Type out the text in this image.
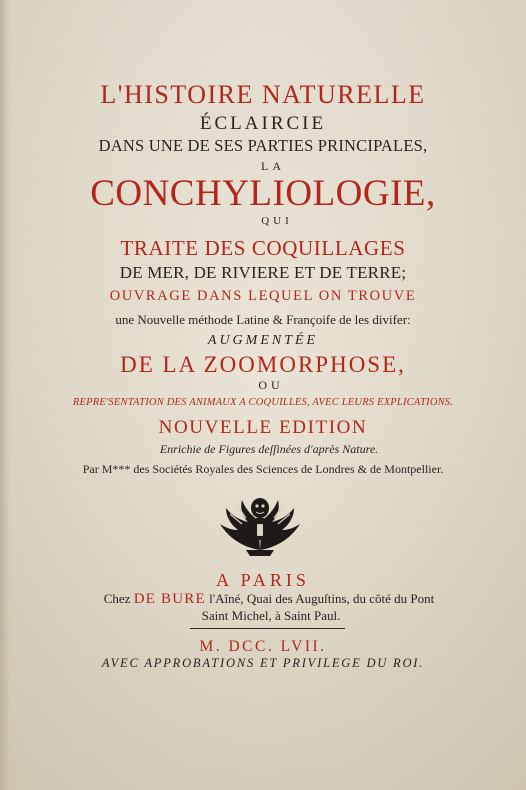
L'HISTOIRE NATURELLE

ÉCLAIRCIE

DANS UNE DE SES PARTIES PRINCIPALES,

LA

CONCHYLIOLOGIE,

QUI

TRAITE DES COQUILLAGES

DE MER, DE RIVIERE ET DE TERRE;

OUVRAGE DANS LEQUEL ON TROUVE

une Nouvelle méthode Latine & Françoife de les divifer:

AUGMENTÉE

DE LA ZOOMORPHOSE,

OU

REPRE'SENTATION DES ANIMAUX A COQUILLES, AVEC LEURS EXPLICATIONS.

NOUVELLE EDITION

Enrichie de Figures deſſinées d'après Nature.

Par M*** des Sociétés Royales des Sciences de Londres & de Montpellier.

A PARIS

Chez DE BURE l'Aîné, Quai des Auguſtins, du côté du Pont

Saint Michel, à Saint Paul.

M. DCC. LVII.

AVEC APPROBATIONS ET PRIVILEGE DU ROI.
